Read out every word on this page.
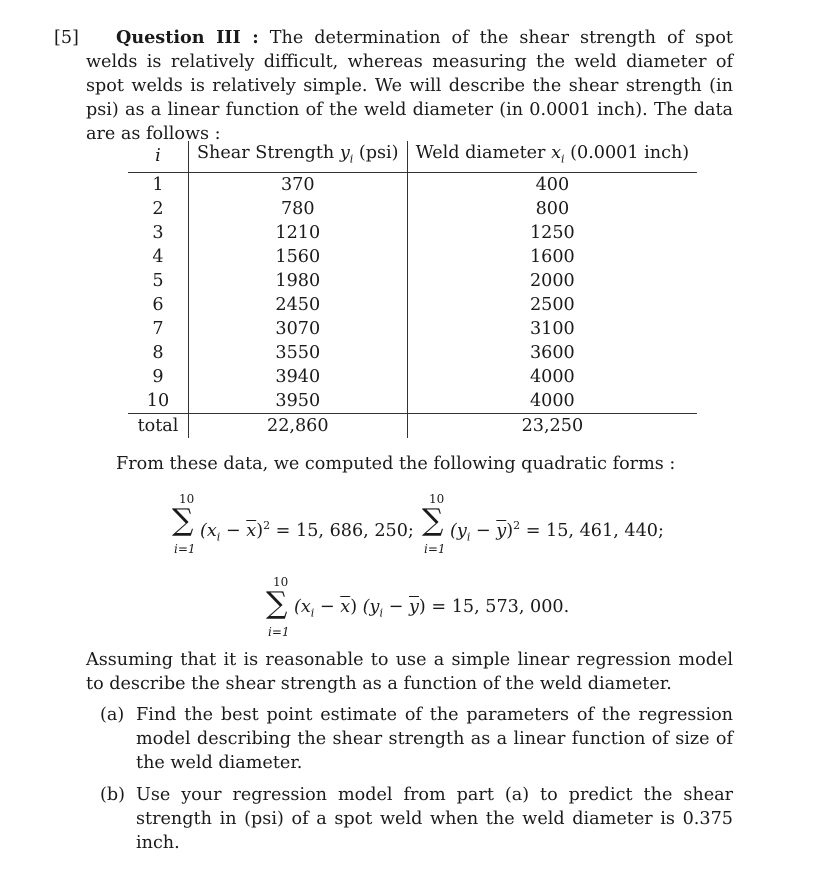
[5] Question III : The determination of the shear strength of spot welds is relatively difficult, whereas measuring the weld diameter of spot welds is relatively simple. We will describe the shear strength (in psi) as a linear function of the weld diameter (in 0.0001 inch). The data are as follows :
i	Shear Strength $y_i$ (psi)	Weld diameter $x_i$ (0.0001 inch)
1	370	400
2	780	800
3	1210	1250
4	1560	1600
5	1980	2000
6	2450	2500
7	3070	3100
8	3550	3600
9	3940	4000
10	3950	4000
total	22,860	23,250
From these data, we computed the following quadratic forms :
10
∑
i=1
$(x_i - \overline{x})^2 = 15$, 686, 250;
10
∑
i=1
$(y_i - \overline{y})^2 = 15$, 461, 440;
10
∑
i=1
$(x_i - \overline{x}) (y_i - \overline{y}) = 15$, 573, 000.
Assuming that it is reasonable to use a simple linear regression model to describe the shear strength as a function of the weld diameter.
(a) Find the best point estimate of the parameters of the regression model describing the shear strength as a linear function of size of the weld diameter.
(b) Use your regression model from part (a) to predict the shear strength in (psi) of a spot weld when the weld diameter is 0.375 inch.
